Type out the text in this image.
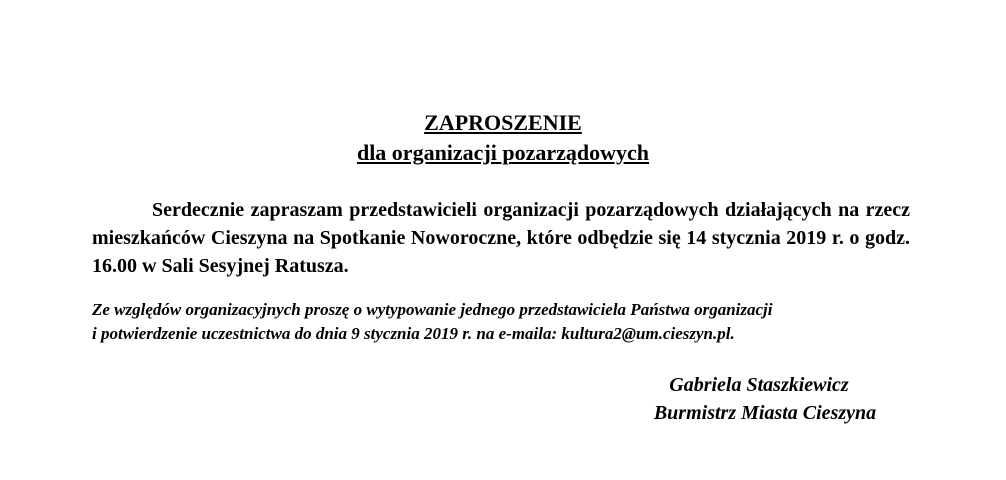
ZAPROSZENIE
dla organizacji pozarządowych
Serdecznie zapraszam przedstawicieli organizacji pozarządowych działających na rzecz mieszkańców Cieszyna na Spotkanie Noworoczne, które odbędzie się 14 stycznia 2019 r. o godz. 16.00 w Sali Sesyjnej Ratusza.
Ze względów organizacyjnych proszę o wytypowanie jednego przedstawiciela Państwa organizacji
i potwierdzenie uczestnictwa do dnia 9 stycznia 2019 r. na e-maila: kultura2@um.cieszyn.pl.
Gabriela Staszkiewicz
Burmistrz Miasta Cieszyna
